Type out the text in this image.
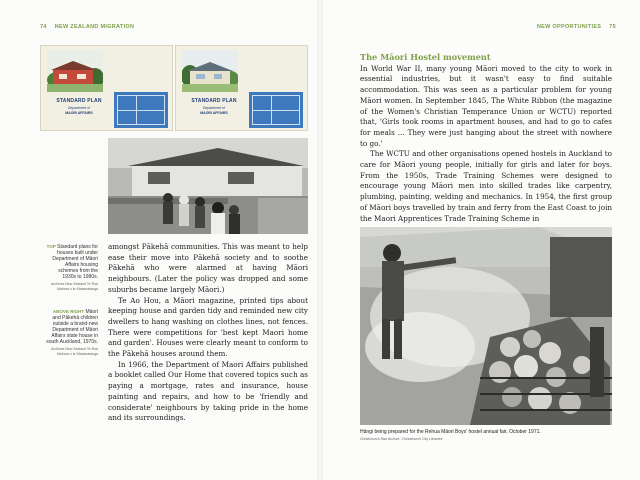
74 NEW ZEALAND MIGRATION	NEW OPPORTUNITIES 75
STANDARD PLAN
Department of
MAORI AFFAIRS
STANDARD PLAN
Department of
MAORI AFFAIRS
TOP Standard plans for houses built under Department of Māori Affairs housing schemes from the 1930s to 1980s.
Archives New Zealand Te Rua Mahara o te Kāwanatanga
ABOVE RIGHT Māori and Pākehā children outside a brand-new Department of Māori Affairs state house in south Auckland, 1970s.
Archives New Zealand Te Rua Mahara o te Kāwanatanga

amongst Pākehā communities. This was meant to help ease their move into Pākehā society and to soothe Pākehā who were alarmed at having Māori neighbours. (Later the policy was dropped and some suburbs became largely Māori.)

Te Ao Hou, a Māori magazine, printed tips about keeping house and garden tidy and reminded new city dwellers to hang washing on clothes lines, not fences. There were competitions for 'best kept Maori home and garden'. Houses were clearly meant to conform to the Pākehā houses around them.

In 1966, the Department of Maori Affairs published a booklet called Our Home that covered topics such as paying a mortgage, rates and insurance, house painting and repairs, and how to be 'friendly and considerate' neighbours by taking pride in the home and its surroundings.

The Māori Hostel movement

In World War II, many young Māori moved to the city to work in essential industries, but it wasn't easy to find suitable accommodation. This was seen as a particular problem for young Māori women. In September 1845, The White Ribbon (the magazine of the Women's Christian Temperance Union or WCTU) reported that, 'Girls took rooms in apartment houses, and had to go to cafes for meals ... They were just hanging about the street with nowhere to go.'

The WCTU and other organisations opened hostels in Auckland to care for Māori young people, initially for girls and later for boys. From the 1950s, Trade Training Schemes were designed to encourage young Māori men into skilled trades like carpentry, plumbing, painting, welding and mechanics. In 1954, the first group of Māori boys travelled by train and ferry from the East Coast to join the Maori Apprentices Trade Training Scheme in

Hāngi being prepared for the Rehua Māori Boys' hostel annual fair, October 1971.
Christchurch Star Archive, Christchurch City Libraries
